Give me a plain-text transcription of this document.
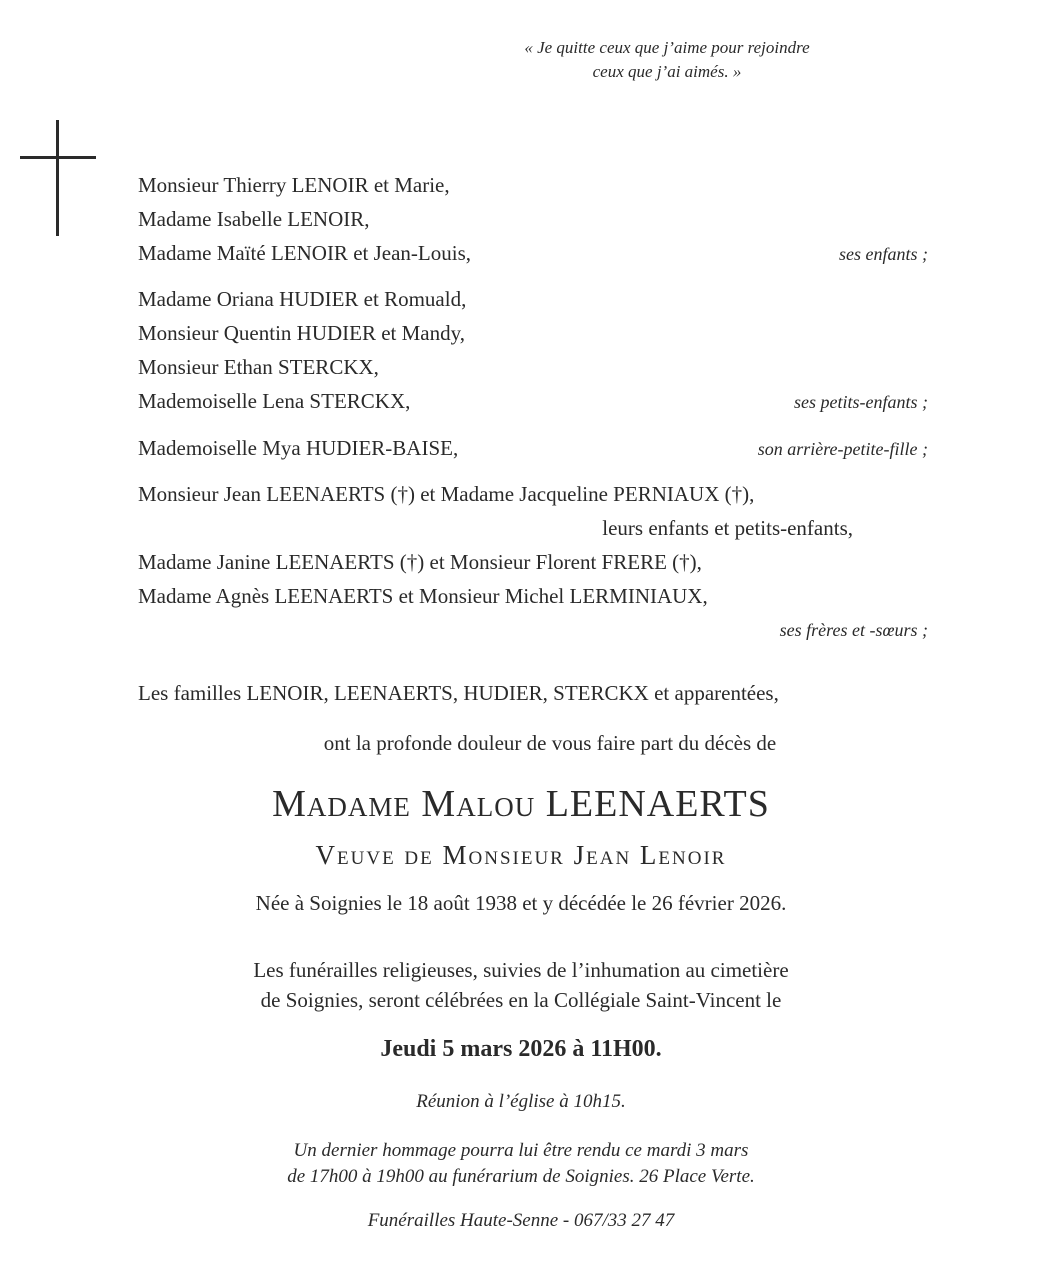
« Je quitte ceux que j’aime pour rejoindre
ceux que j’ai aimés. »
Monsieur Thierry LENOIR et Marie,
Madame Isabelle LENOIR,
Madame Maïté LENOIR et Jean-Louis,	ses enfants ;
Madame Oriana HUDIER et Romuald,
Monsieur Quentin HUDIER et Mandy,
Monsieur Ethan STERCKX,
Mademoiselle Lena STERCKX,	ses petits-enfants ;
Mademoiselle Mya HUDIER-BAISE,	son arrière-petite-fille ;
Monsieur Jean LEENAERTS (†) et Madame Jacqueline PERNIAUX (†),
leurs enfants et petits-enfants,
Madame Janine LEENAERTS (†) et Monsieur Florent FRERE (†),
Madame Agnès LEENAERTS et Monsieur Michel LERMINIAUX,
ses frères et -sœurs ;
Les familles LENOIR, LEENAERTS, HUDIER, STERCKX et apparentées,
ont la profonde douleur de vous faire part du décès de
Madame Malou LEENAERTS
Veuve de Monsieur Jean Lenoir
Née à Soignies le 18 août 1938 et y décédée le 26 février 2026.
Les funérailles religieuses, suivies de l’inhumation au cimetière
de Soignies, seront célébrées en la Collégiale Saint-Vincent le
Jeudi 5 mars 2026 à 11H00.
Réunion à l’église à 10h15.
Un dernier hommage pourra lui être rendu ce mardi 3 mars
de 17h00 à 19h00 au funérarium de Soignies. 26 Place Verte.
Funérailles Haute-Senne - 067/33 27 47
